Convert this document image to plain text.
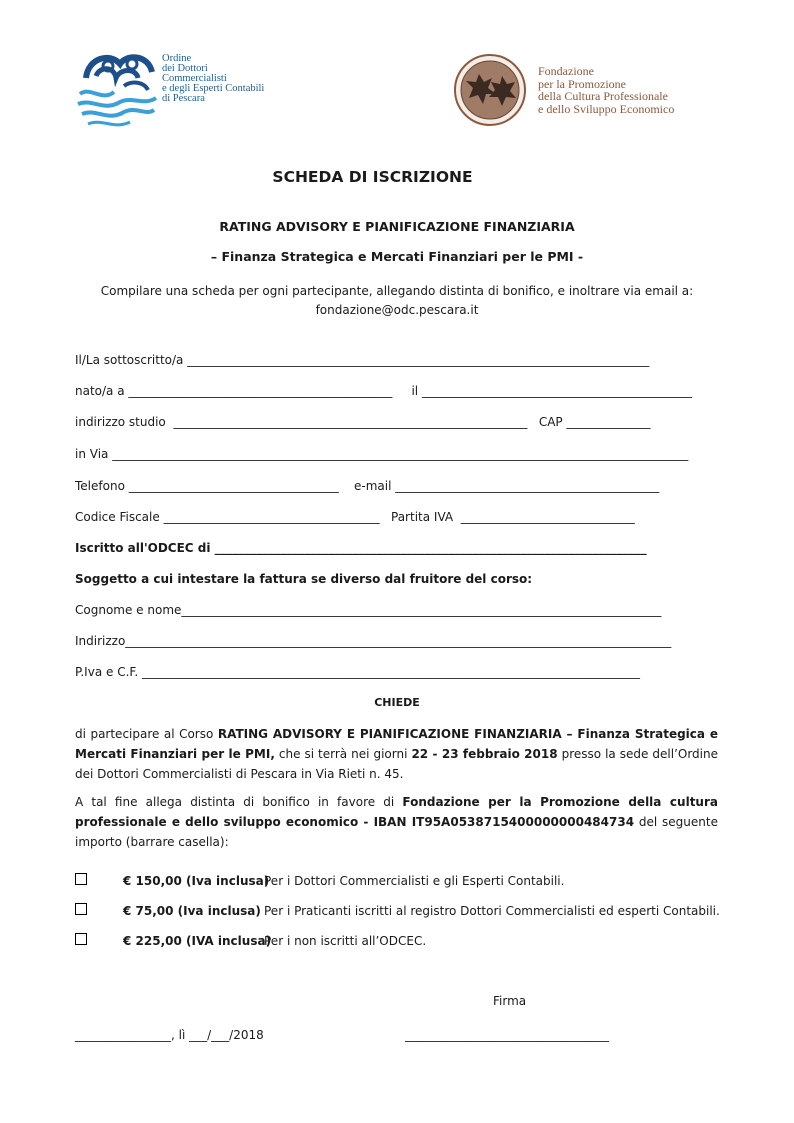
Ordine
dei Dottori Commercialisti
e degli Esperti Contabili
di Pescara
Fondazione
per la Promozione
della Cultura Professionale
e dello Sviluppo Economico
SCHEDA DI ISCRIZIONE
RATING ADVISORY E PIANIFICAZIONE FINANZIARIA
– Finanza Strategica e Mercati Finanziari per le PMI -
Compilare una scheda per ogni partecipante, allegando distinta di bonifico, e inoltrare via email a:
fondazione@odc.pescara.it
Il/La sottoscritto/a _____________________________________________________________________________
nato/a a ____________________________________________     il _____________________________________________
indirizzo studio  ___________________________________________________________   CAP ______________
in Via ________________________________________________________________________________________________
Telefono ___________________________________    e-mail ____________________________________________
Codice Fiscale ____________________________________   Partita IVA  _____________________________
Iscritto all'ODCEC di ________________________________________________________________________
Soggetto a cui intestare la fattura se diverso dal fruitore del corso:
Cognome e nome________________________________________________________________________________
Indirizzo___________________________________________________________________________________________
P.Iva e C.F. ___________________________________________________________________________________
CHIEDE
di partecipare al Corso RATING ADVISORY E PIANIFICAZIONE FINANZIARIA – Finanza Strategica e Mercati Finanziari per le PMI, che si terrà nei giorni 22 - 23 febbraio 2018 presso la sede dell’Ordine dei Dottori Commercialisti di Pescara in Via Rieti n. 45.
A tal fine allega distinta di bonifico in favore di Fondazione per la Promozione della cultura professionale e dello sviluppo economico - IBAN IT95A0538715400000000484734 del seguente importo (barrare casella):
€ 150,00 (Iva inclusa)
Per i Dottori Commercialisti e gli Esperti Contabili.
€ 75,00 (Iva inclusa) Per i Praticanti iscritti al registro Dottori Commercialisti ed esperti Contabili.
€ 225,00 (IVA inclusa)
Per i non iscritti all’ODCEC.
Firma
________________, lì ___/___/2018	__________________________________
